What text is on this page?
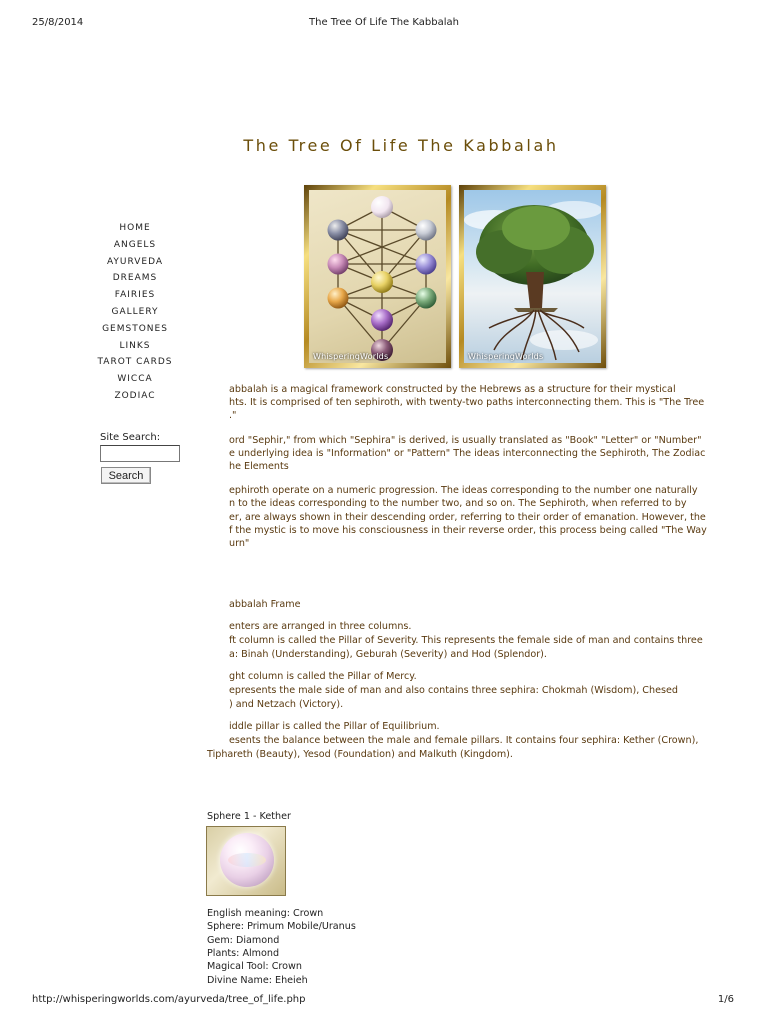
25/8/2014	The Tree Of Life The Kabbalah
http://whisperingworlds.com/ayurveda/tree_of_life.php	1/6
The Tree Of Life The Kabbalah
WhisperingWorlds	WhisperingWorlds
HOME
ANGELS
AYURVEDA
DREAMS
FAIRIES
GALLERY
GEMSTONES
LINKS
TAROT CARDS
WICCA
ZODIAC
Site Search:
Search
abbalah is a magical framework constructed by the Hebrews as a structure for their mystical
hts. It is comprised of ten sephiroth, with twenty-two paths interconnecting them. This is "The Tree
."
ord "Sephir," from which "Sephira" is derived, is usually translated as "Book" "Letter" or "Number"
e underlying idea is "Information" or "Pattern" The ideas interconnecting the Sephiroth, The Zodiac
he Elements
ephiroth operate on a numeric progression. The ideas corresponding to the number one naturally
n to the ideas corresponding to the number two, and so on. The Sephiroth, when referred to by
er, are always shown in their descending order, referring to their order of emanation. However, the
f the mystic is to move his consciousness in their reverse order, this process being called "The Way
urn"
abbalah Frame
enters are arranged in three columns.
ft column is called the Pillar of Severity. This represents the female side of man and contains three
a: Binah (Understanding), Geburah (Severity) and Hod (Splendor).
ght column is called the Pillar of Mercy.
epresents the male side of man and also contains three sephira: Chokmah (Wisdom), Chesed
) and Netzach (Victory).
iddle pillar is called the Pillar of Equilibrium.
esents the balance between the male and female pillars. It contains four sephira: Kether (Crown),
Tiphareth (Beauty), Yesod (Foundation) and Malkuth (Kingdom).
Sphere 1 - Kether
English meaning: Crown
Sphere: Primum Mobile/Uranus
Gem: Diamond
Plants: Almond
Magical Tool: Crown
Divine Name: Eheieh
